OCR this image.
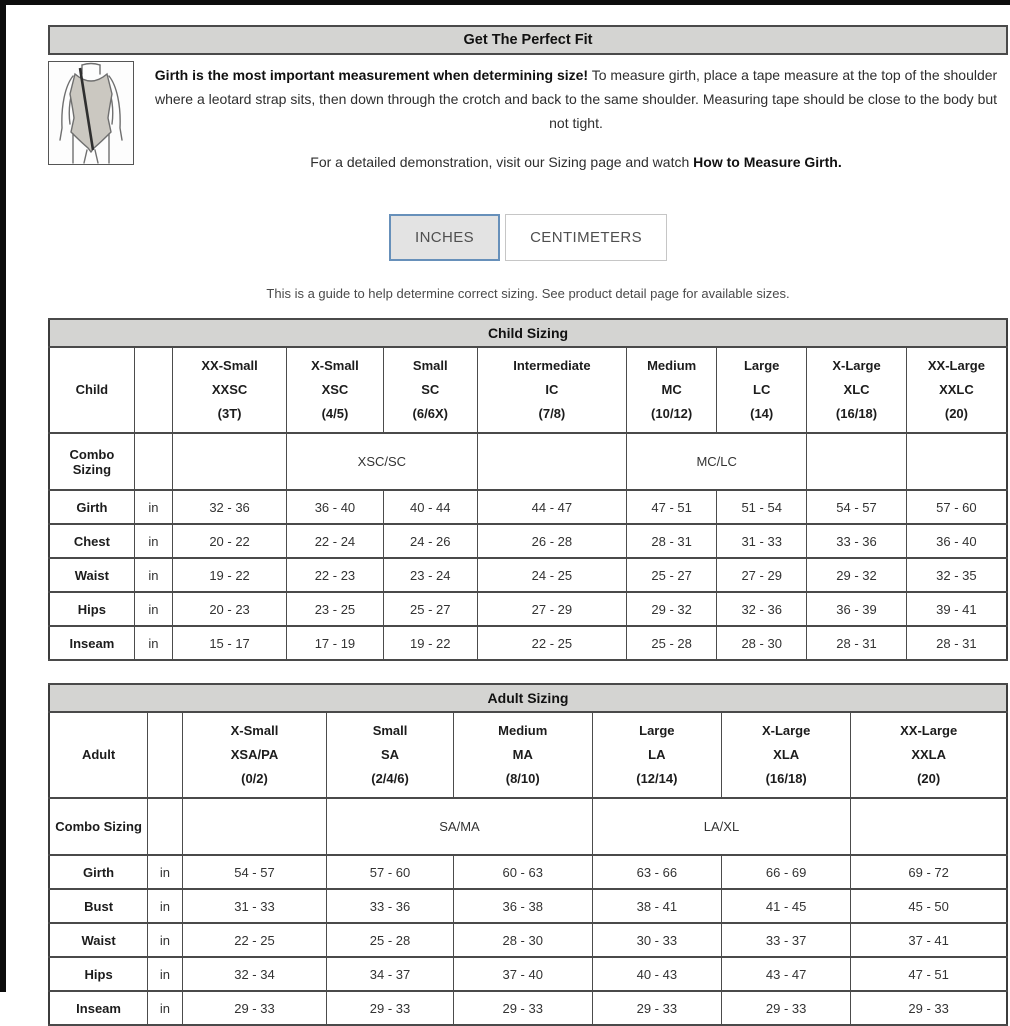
Get The Perfect Fit

Girth is the most important measurement when determining size! To measure girth, place a tape measure at the top of the shoulder where a leotard strap sits, then down through the crotch and back to the same shoulder. Measuring tape should be close to the body but not tight.

For a detailed demonstration, visit our Sizing page and watch How to Measure Girth.

INCHES	CENTIMETERS
This is a guide to help determine correct sizing. See product detail page for available sizes.
Child Sizing									
Child		XX-Small
XXSC
(3T)	X-Small
XSC
(4/5)	Small
SC
(6/6X)	Intermediate
IC
(7/8)	Medium
MC
(10/12)	Large
LC
(14)	X-Large
XLC
(16/18)	XX-Large
XXLC
(20)
Combo Sizing			XSC/SC			MC/LC			
Girth	in	32 - 36	36 - 40	40 - 44	44 - 47	47 - 51	51 - 54	54 - 57	57 - 60
Chest	in	20 - 22	22 - 24	24 - 26	26 - 28	28 - 31	31 - 33	33 - 36	36 - 40
Waist	in	19 - 22	22 - 23	23 - 24	24 - 25	25 - 27	27 - 29	29 - 32	32 - 35
Hips	in	20 - 23	23 - 25	25 - 27	27 - 29	29 - 32	32 - 36	36 - 39	39 - 41
Inseam	in	15 - 17	17 - 19	19 - 22	22 - 25	25 - 28	28 - 30	28 - 31	28 - 31
Adult Sizing							
Adult		X-Small
XSA/PA
(0/2)	Small
SA
(2/4/6)	Medium
MA
(8/10)	Large
LA
(12/14)	X-Large
XLA
(16/18)	XX-Large
XXLA
(20)
Combo Sizing			SA/MA		LA/XL		
Girth	in	54 - 57	57 - 60	60 - 63	63 - 66	66 - 69	69 - 72
Bust	in	31 - 33	33 - 36	36 - 38	38 - 41	41 - 45	45 - 50
Waist	in	22 - 25	25 - 28	28 - 30	30 - 33	33 - 37	37 - 41
Hips	in	32 - 34	34 - 37	37 - 40	40 - 43	43 - 47	47 - 51
Inseam	in	29 - 33	29 - 33	29 - 33	29 - 33	29 - 33	29 - 33
